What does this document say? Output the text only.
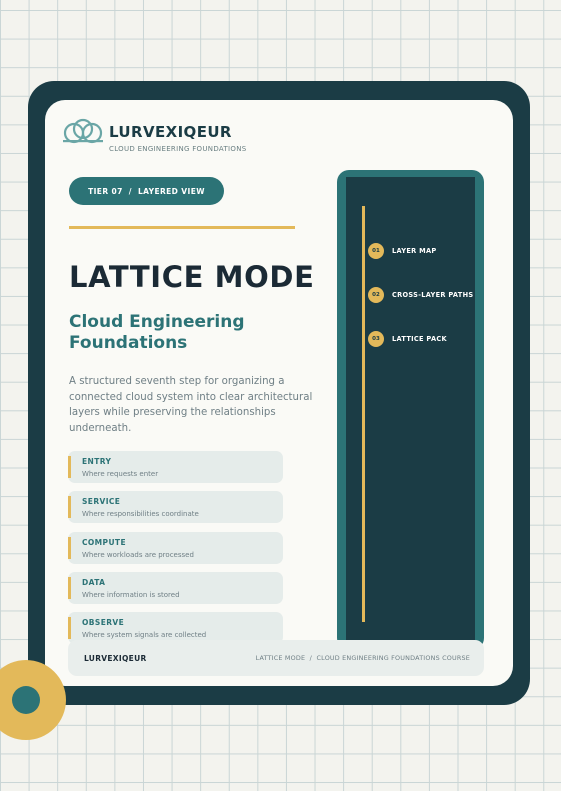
LURVEXIQEUR
CLOUD ENGINEERING FOUNDATIONS
TIER 07
/
LAYERED VIEW
LATTICE MODE
Cloud Engineering Foundations
A structured seventh step for organizing a connected cloud system into clear architectural layers while preserving the relationships underneath.
ENTRY
Where requests enter
SERVICE
Where responsibilities coordinate
COMPUTE
Where workloads are processed
DATA
Where information is stored
OBSERVE
Where system signals are collected
01	LAYER MAP
02	CROSS-LAYER PATHS
03	LATTICE PACK
LURVEXIQEUR	LATTICE MODE / CLOUD ENGINEERING FOUNDATIONS COURSE
